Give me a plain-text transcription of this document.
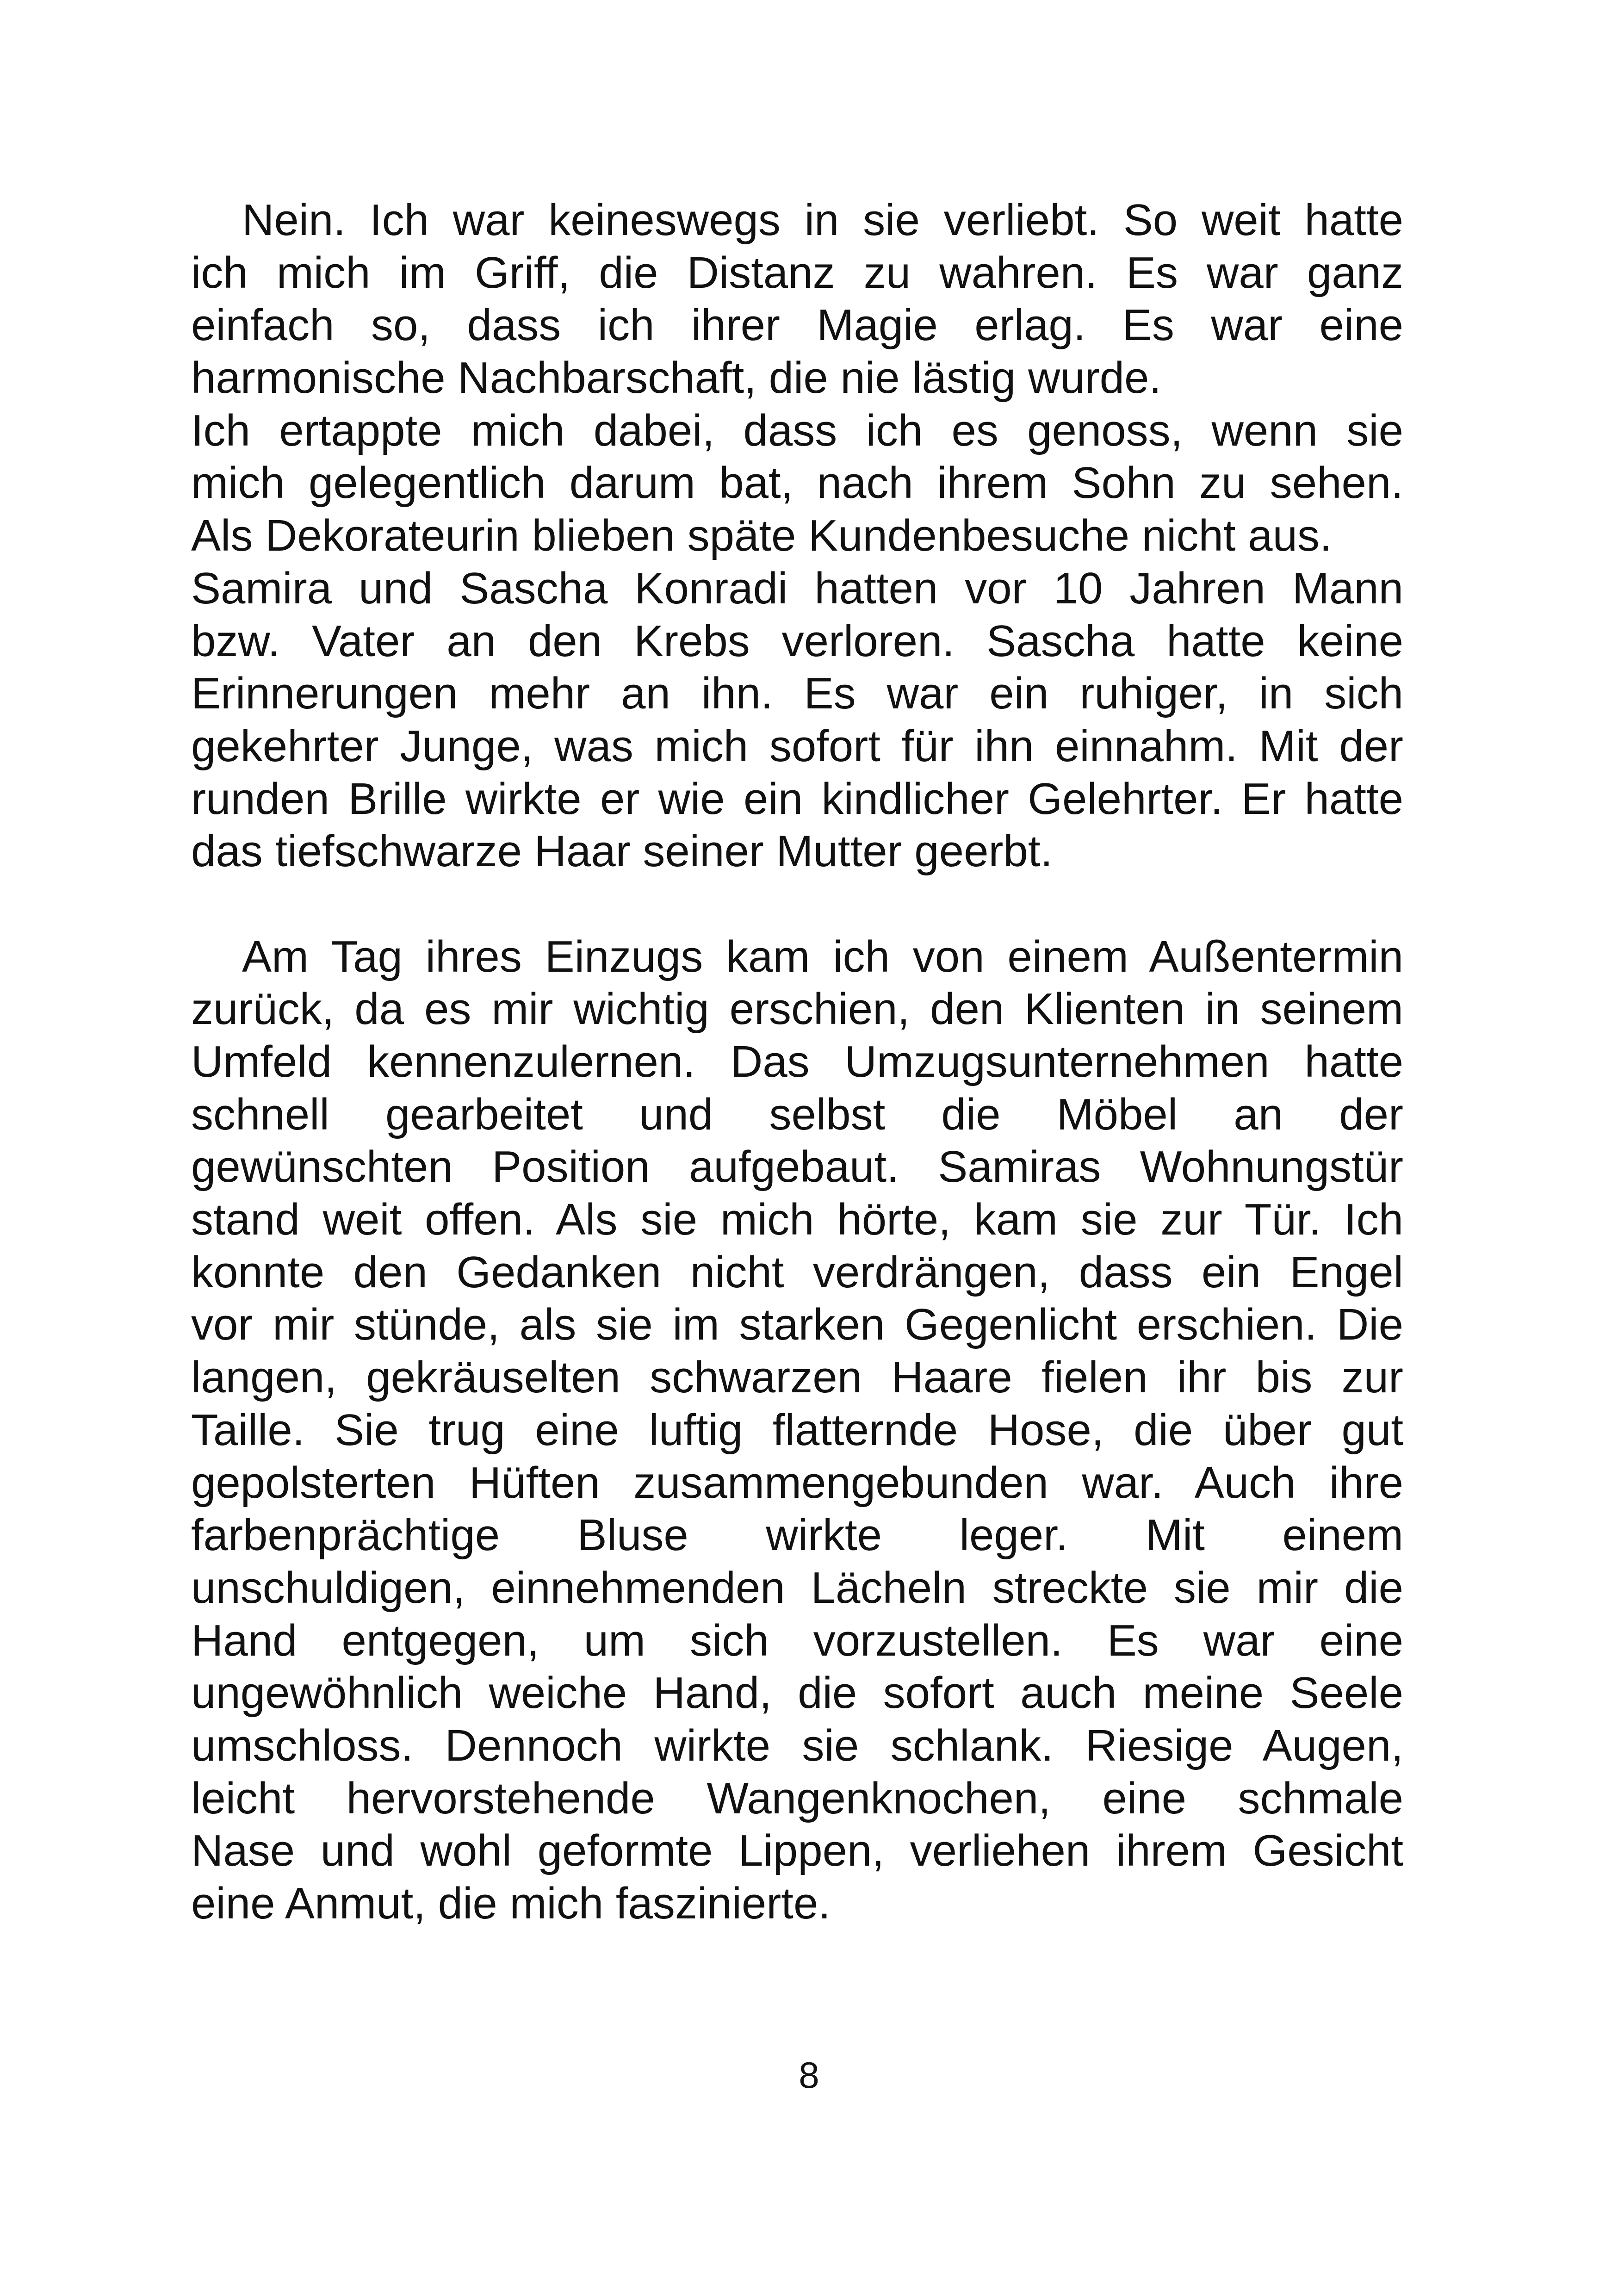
Nein. Ich war keineswegs in sie verliebt. So weit hatte
ich mich im Griff, die Distanz zu wahren. Es war ganz
einfach so, dass ich ihrer Magie erlag. Es war eine
harmonische Nachbarschaft, die nie lästig wurde.
Ich ertappte mich dabei, dass ich es genoss, wenn sie
mich gelegentlich darum bat, nach ihrem Sohn zu sehen.
Als Dekorateurin blieben späte Kundenbesuche nicht aus.
Samira und Sascha Konradi hatten vor 10 Jahren Mann
bzw. Vater an den Krebs verloren. Sascha hatte keine
Erinnerungen mehr an ihn. Es war ein ruhiger, in sich
gekehrter Junge, was mich sofort für ihn einnahm. Mit der
runden Brille wirkte er wie ein kindlicher Gelehrter. Er hatte
das tiefschwarze Haar seiner Mutter geerbt.
Am Tag ihres Einzugs kam ich von einem Außentermin
zurück, da es mir wichtig erschien, den Klienten in seinem
Umfeld kennenzulernen. Das Umzugsunternehmen hatte
schnell gearbeitet und selbst die Möbel an der
gewünschten Position aufgebaut. Samiras Wohnungstür
stand weit offen. Als sie mich hörte, kam sie zur Tür. Ich
konnte den Gedanken nicht verdrängen, dass ein Engel
vor mir stünde, als sie im starken Gegenlicht erschien. Die
langen, gekräuselten schwarzen Haare fielen ihr bis zur
Taille. Sie trug eine luftig flatternde Hose, die über gut
gepolsterten Hüften zusammengebunden war. Auch ihre
farbenprächtige Bluse wirkte leger. Mit einem
unschuldigen, einnehmenden Lächeln streckte sie mir die
Hand entgegen, um sich vorzustellen. Es war eine
ungewöhnlich weiche Hand, die sofort auch meine Seele
umschloss. Dennoch wirkte sie schlank. Riesige Augen,
leicht hervorstehende Wangenknochen, eine schmale
Nase und wohl geformte Lippen, verliehen ihrem Gesicht
eine Anmut, die mich faszinierte.
8
